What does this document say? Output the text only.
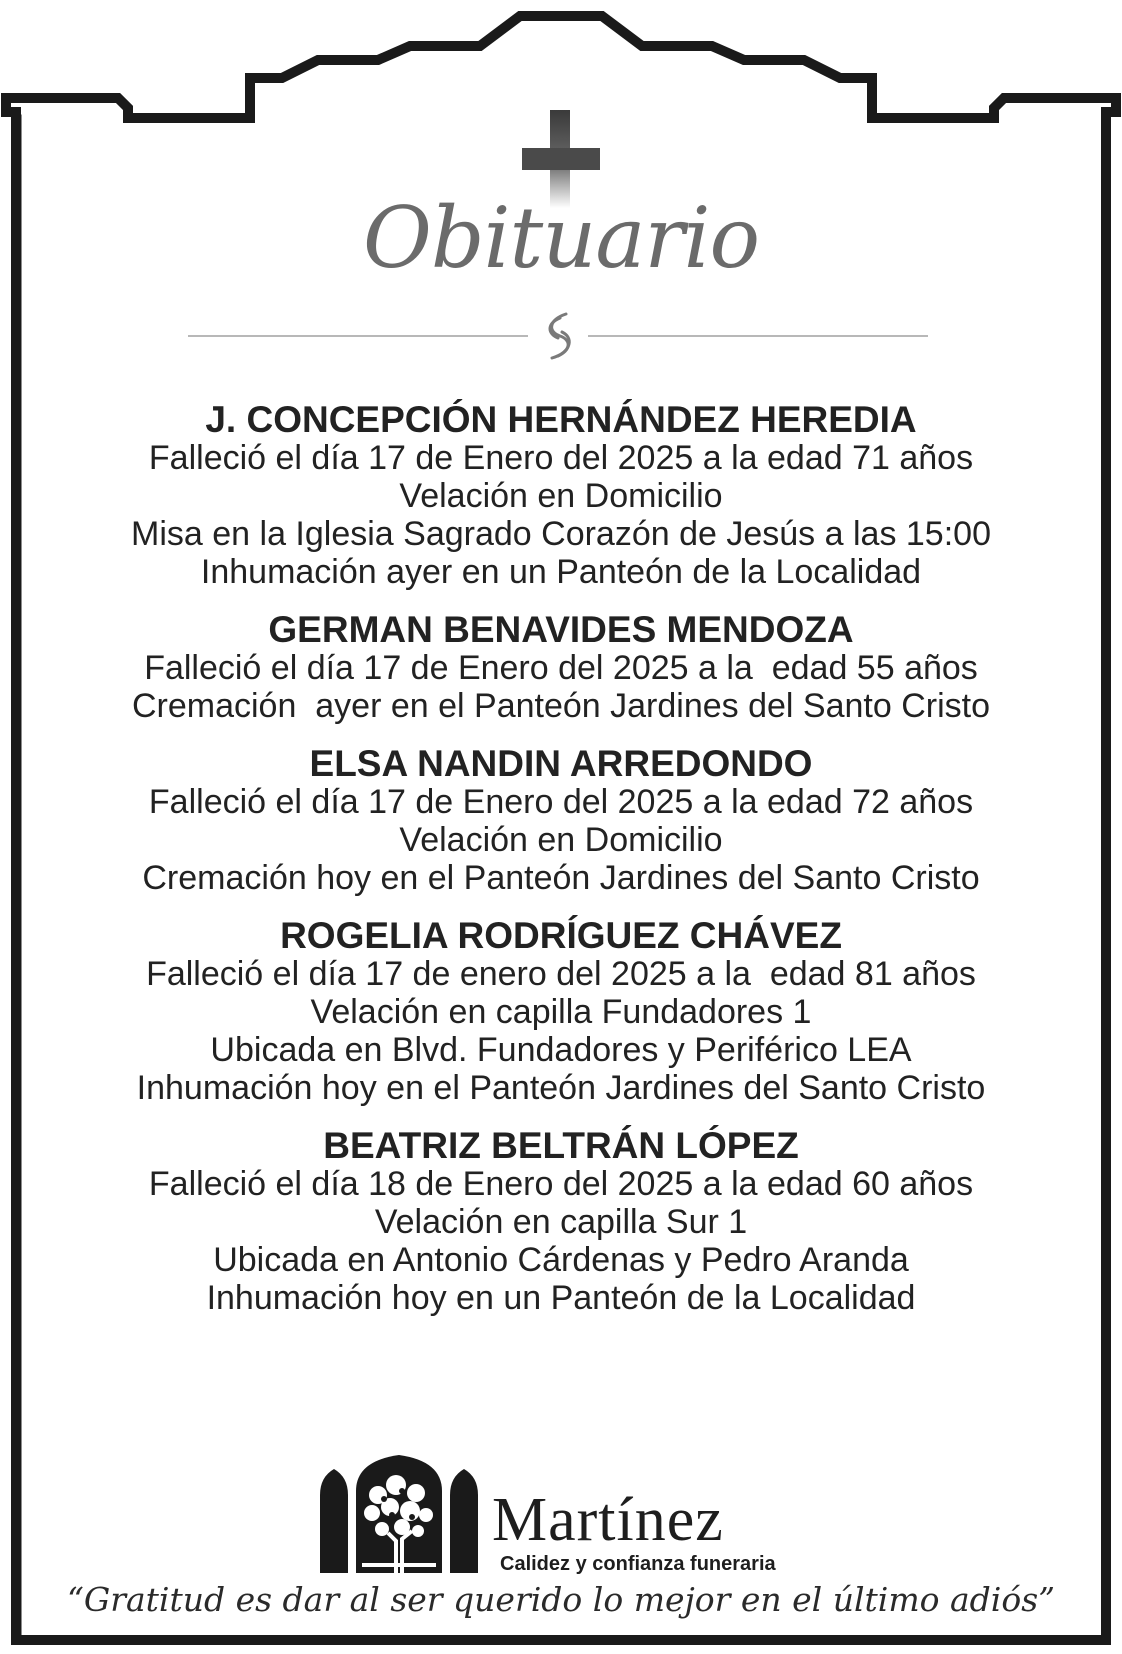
Obituario
J. CONCEPCIÓN HERNÁNDEZ HEREDIA
Falleció el día 17 de Enero del 2025 a la edad 71 años
Velación en Domicilio
Misa en la Iglesia Sagrado Corazón de Jesús a las 15:00
Inhumación ayer en un Panteón de la Localidad
GERMAN BENAVIDES MENDOZA
Falleció el día 17 de Enero del 2025 a la  edad 55 años
Cremación  ayer en el Panteón Jardines del Santo Cristo
ELSA NANDIN ARREDONDO
Falleció el día 17 de Enero del 2025 a la edad 72 años
Velación en Domicilio
Cremación hoy en el Panteón Jardines del Santo Cristo
ROGELIA RODRÍGUEZ CHÁVEZ
Falleció el día 17 de enero del 2025 a la  edad 81 años
Velación en capilla Fundadores 1
Ubicada en Blvd. Fundadores y Periférico LEA
Inhumación hoy en el Panteón Jardines del Santo Cristo
BEATRIZ BELTRÁN LÓPEZ
Falleció el día 18 de Enero del 2025 a la edad 60 años
Velación en capilla Sur 1
Ubicada en Antonio Cárdenas y Pedro Aranda
Inhumación hoy en un Panteón de la Localidad
Martínez
Calidez y confianza funeraria
“Gratitud es dar al ser querido lo mejor en el último adiós”
